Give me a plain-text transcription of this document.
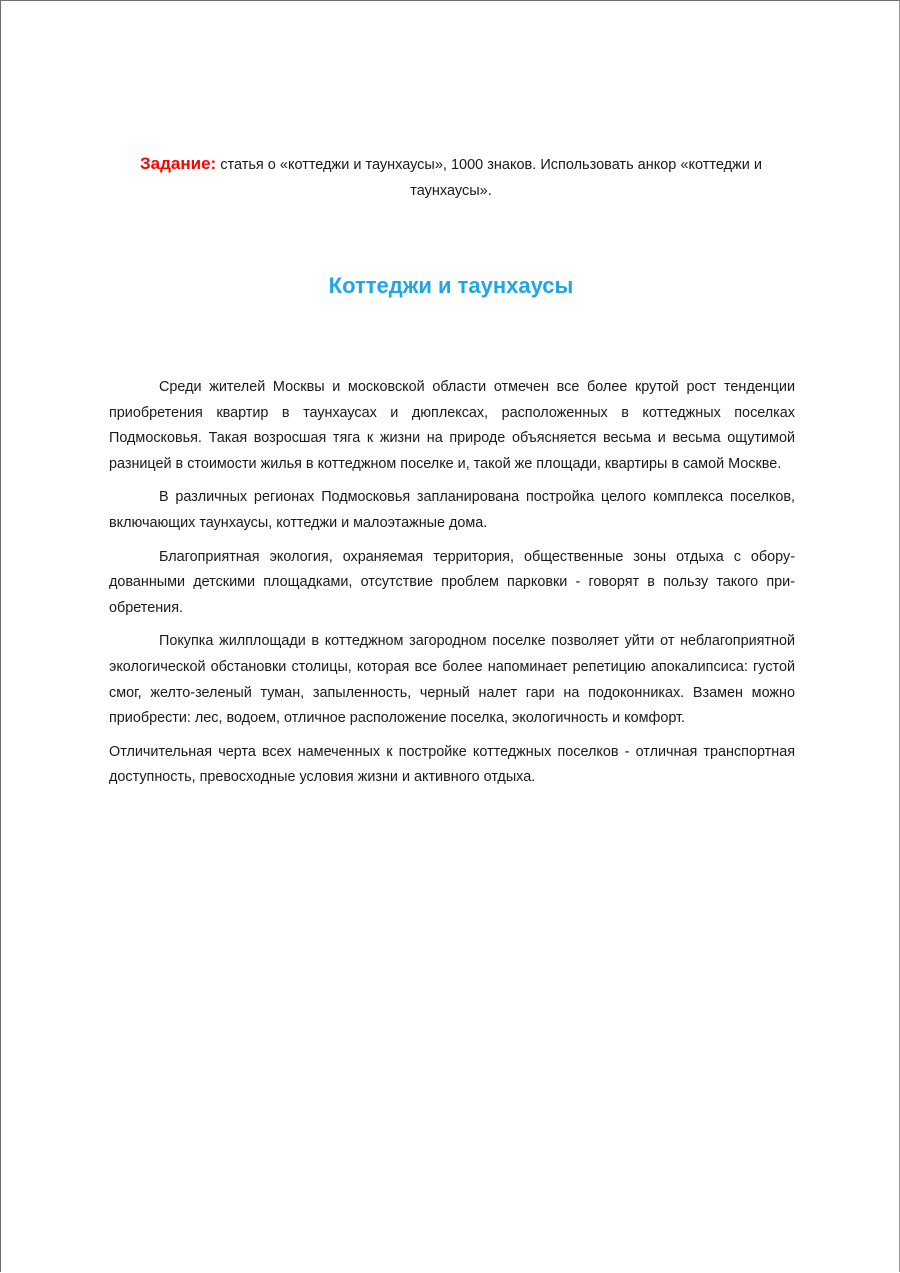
Задание: статья о «коттеджи и таунхаусы», 1000 знаков. Использовать анкор «коттеджи и таунхаусы».
Коттеджи и таунхаусы

Среди жителей Москвы и московской области отмечен все более крутой рост тенденции приобретения квартир в таунхаусах и дюплексах, расположенных в коттеджных поселках Подмосковья. Такая возросшая тяга к жизни на природе объясняется весьма и весьма ощутимой разницей в стоимости жилья в коттеджном поселке и, такой же площади, квартиры в самой Москве.

В различных регионах Подмосковья запланирована постройка целого комплекса поселков, включающих таунхаусы, коттеджи и малоэтажные дома.

Благоприятная экология, охраняемая территория, общественные зоны отдыха с оборудованными детскими площадками, отсутствие проблем парковки - говорят в пользу такого приобретения.

Покупка жилплощади в коттеджном загородном поселке позволяет уйти от неблагоприятной экологической обстановки столицы, которая все более напоминает репетицию апокалипсиса: густой смог, желто-зеленый туман, запыленность, черный налет гари на подоконниках. Взамен можно приобрести: лес, водоем, отличное расположение поселка, экологичность и комфорт.

Отличительная черта всех намеченных к постройке коттеджных поселков - отличная транспортная доступность, превосходные условия жизни и активного отдыха.
